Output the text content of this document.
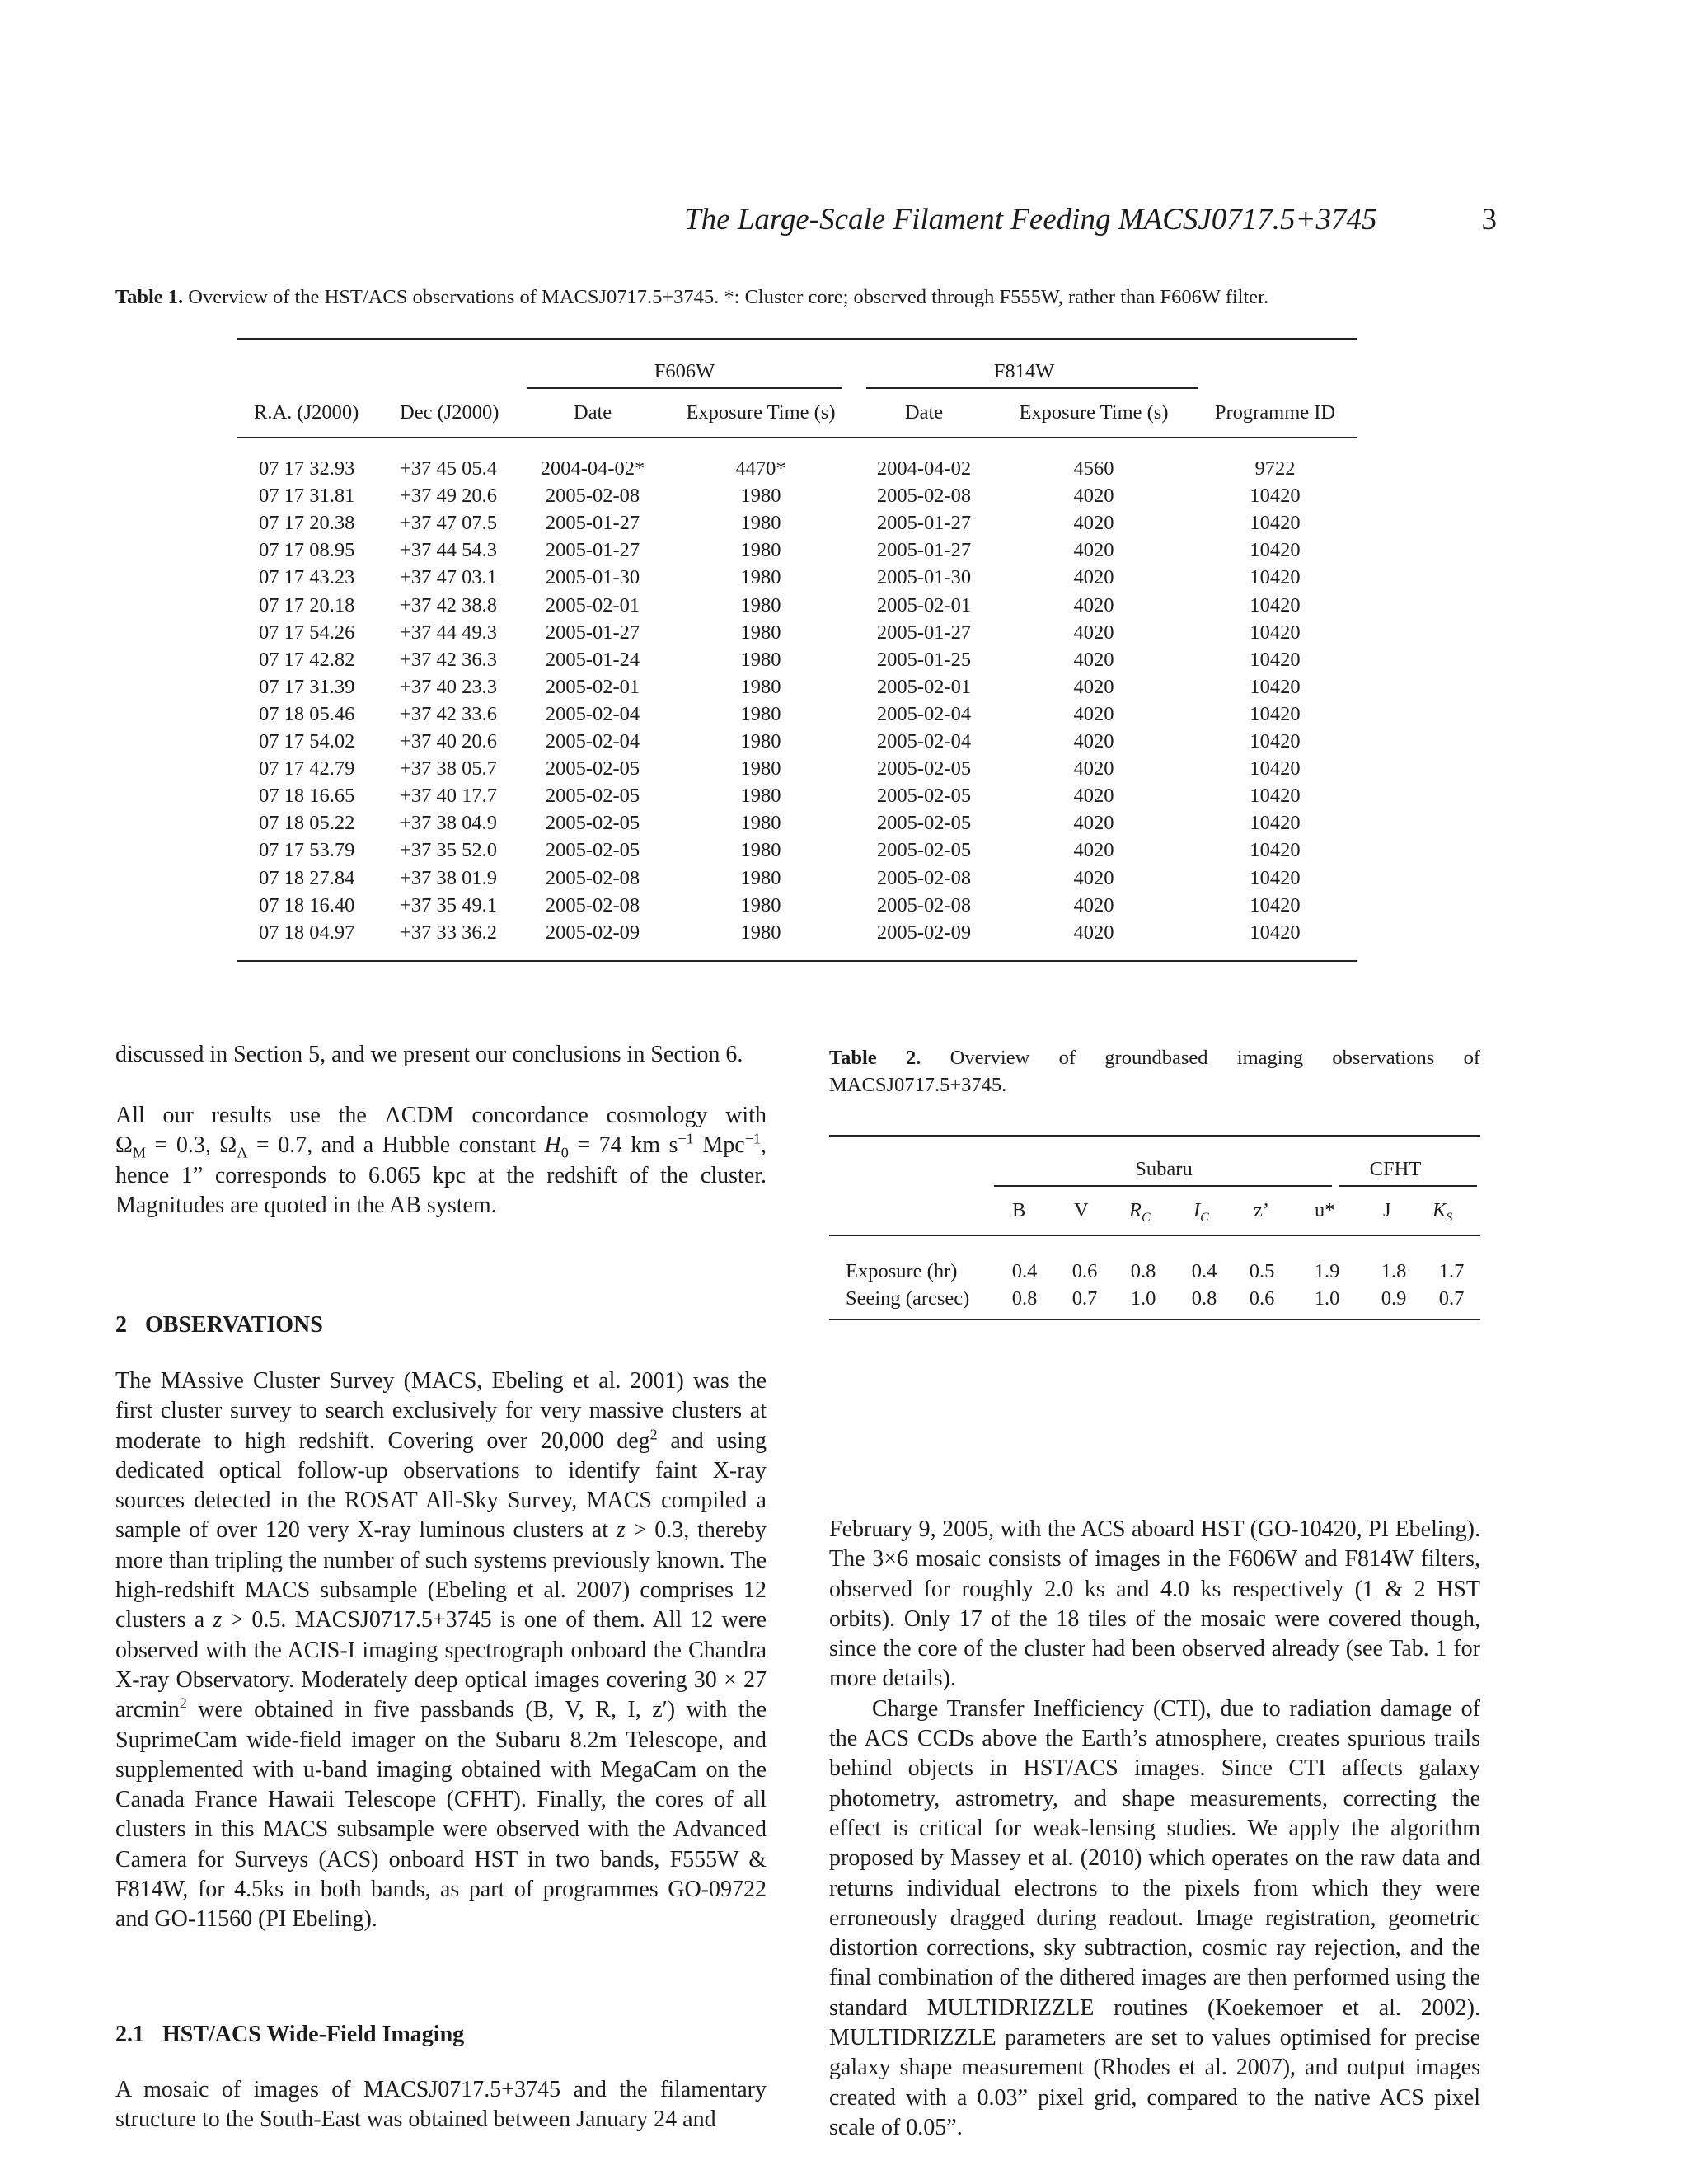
The Large-Scale Filament Feeding MACSJ0717.5+3745	3
Table 1. Overview of the HST/ACS observations of MACSJ0717.5+3745. *: Cluster core; observed through F555W, rather than F606W filter.
F606W	F814W
R.A. (J2000) Dec (J2000)	Date	Exposure Time (s)	Date	Exposure Time (s)	Programme ID
07 17 32.93 +37 45 05.4	2004-04-02*	4470*	2004-04-02	4560	9722
07 17 31.81 +37 49 20.6	2005-02-08	1980	2005-02-08	4020	10420
07 17 20.38 +37 47 07.5	2005-01-27	1980	2005-01-27	4020	10420
07 17 08.95 +37 44 54.3	2005-01-27	1980	2005-01-27	4020	10420
07 17 43.23 +37 47 03.1	2005-01-30	1980	2005-01-30	4020	10420
07 17 20.18 +37 42 38.8	2005-02-01	1980	2005-02-01	4020	10420
07 17 54.26 +37 44 49.3	2005-01-27	1980	2005-01-27	4020	10420
07 17 42.82 +37 42 36.3	2005-01-24	1980	2005-01-25	4020	10420
07 17 31.39 +37 40 23.3	2005-02-01	1980	2005-02-01	4020	10420
07 18 05.46 +37 42 33.6	2005-02-04	1980	2005-02-04	4020	10420
07 17 54.02 +37 40 20.6	2005-02-04	1980	2005-02-04	4020	10420
07 17 42.79 +37 38 05.7	2005-02-05	1980	2005-02-05	4020	10420
07 18 16.65 +37 40 17.7	2005-02-05	1980	2005-02-05	4020	10420
07 18 05.22 +37 38 04.9	2005-02-05	1980	2005-02-05	4020	10420
07 17 53.79 +37 35 52.0	2005-02-05	1980	2005-02-05	4020	10420
07 18 27.84 +37 38 01.9	2005-02-08	1980	2005-02-08	4020	10420
07 18 16.40 +37 35 49.1	2005-02-08	1980	2005-02-08	4020	10420
07 18 04.97 +37 33 36.2	2005-02-09	1980	2005-02-09	4020	10420

discussed in Section 5, and we present our conclusions in Section 6.

All our results use the ΛCDM concordance cosmology with

$\Omega_M = 0.3$, $\Omega_\Lambda = 0.7$, and a Hubble constant $H_0 = 74$ km $s^{-1}$ Mpc$^{-1}$,

hence 1” corresponds to 6.065 kpc at the redshift of the cluster. Magnitudes are quoted in the AB system.

2 OBSERVATIONS

The MAssive Cluster Survey (MACS, Ebeling et al. 2001) was the first cluster survey to search exclusively for very massive clusters at moderate to high redshift. Covering over 20,000 deg$^2$ and using dedicated optical follow-up observations to identify faint X-ray sources detected in the ROSAT All-Sky Survey, MACS compiled a sample of over 120 very X-ray luminous clusters at z > 0.3, thereby more than tripling the number of such systems previously known. The high-redshift MACS subsample (Ebeling et al. 2007) comprises 12 clusters a z > 0.5. MACSJ0717.5+3745 is one of them. All 12 were observed with the ACIS-I imaging spectrograph onboard the Chandra X-ray Observatory. Moderately deep optical images covering 30 × 27 arcmin$^2$ were obtained in five passbands (B, V, R, I, z′) with the SuprimeCam wide-field imager on the Subaru 8.2m Telescope, and supplemented with u-band imaging obtained with MegaCam on the Canada France Hawaii Telescope (CFHT). Finally, the cores of all clusters in this MACS subsample were observed with the Advanced Camera for Surveys (ACS) onboard HST in two bands, F555W & F814W, for 4.5ks in both bands, as part of programmes GO-09722 and GO-11560 (PI Ebeling).

2.1 HST/ACS Wide-Field Imaging

A mosaic of images of MACSJ0717.5+3745 and the filamentary structure to the South-East was obtained between January 24 and

Table 2. Overview of groundbased imaging observations of MACSJ0717.5+3745.
Subaru	CFHT
B V $R_C$ $I_C$ z’ u* J $K_S$
Exposure (hr)	0.4	0.6	0.8	0.4	0.5	1.9	1.8	1.7
Seeing (arcsec)	0.8	0.7	1.0	0.8	0.6	1.0	0.9	0.7

February 9, 2005, with the ACS aboard HST (GO-10420, PI Ebeling). The 3×6 mosaic consists of images in the F606W and F814W filters, observed for roughly 2.0 ks and 4.0 ks respectively (1 & 2 HST orbits). Only 17 of the 18 tiles of the mosaic were covered though, since the core of the cluster had been observed already (see Tab. 1 for more details).

Charge Transfer Inefficiency (CTI), due to radiation damage of the ACS CCDs above the Earth’s atmosphere, creates spurious trails behind objects in HST/ACS images. Since CTI affects galaxy photometry, astrometry, and shape measurements, correcting the effect is critical for weak-lensing studies. We apply the algorithm proposed by Massey et al. (2010) which operates on the raw data and returns individual electrons to the pixels from which they were erroneously dragged during readout. Image registration, geometric distortion corrections, sky subtraction, cosmic ray rejection, and the final combination of the dithered images are then performed using the standard MULTIDRIZZLE routines (Koekemoer et al. 2002). MULTIDRIZZLE parameters are set to values optimised for precise galaxy shape measurement (Rhodes et al. 2007), and output images created with a 0.03” pixel grid, compared to the native ACS pixel scale of 0.05”.
